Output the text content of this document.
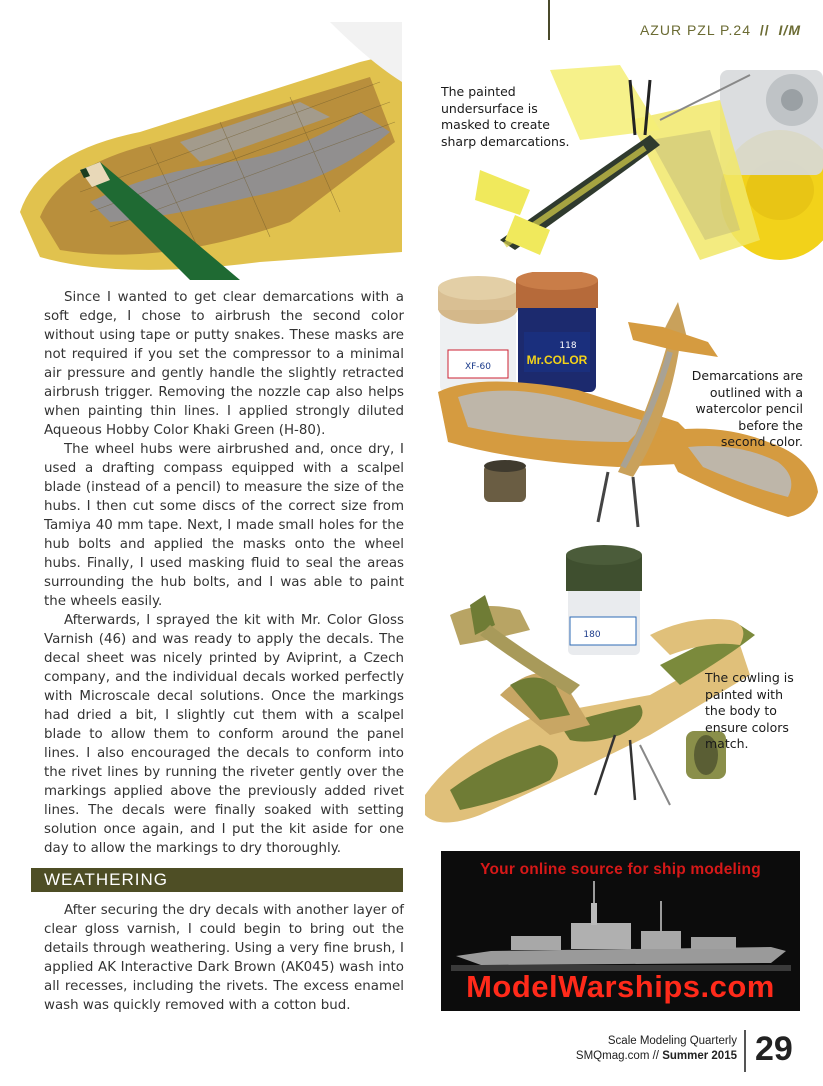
AZUR PZL P.24 // I/M
The painted undersurface is masked to create sharp demarcations.
XF-60
118
Mr.COLOR
Demarcations are outlined with a watercolor pencil before the second color.
180
The cowling is painted with the body to ensure colors match.

Since I wanted to get clear demarcations with a soft edge, I chose to airbrush the second color without using tape or putty snakes. These masks are not required if you set the compressor to a minimal air pressure and gently handle the slightly retracted airbrush trigger. Removing the nozzle cap also helps when painting thin lines. I applied strongly diluted Aqueous Hobby Color Khaki Green (H-80).

The wheel hubs were airbrushed and, once dry, I used a drafting compass equipped with a scalpel blade (instead of a pencil) to measure the size of the hubs. I then cut some discs of the correct size from Tamiya 40 mm tape. Next, I made small holes for the hub bolts and applied the masks onto the wheel hubs. Finally, I used masking fluid to seal the areas surrounding the hub bolts, and I was able to paint the wheels easily.

Afterwards, I sprayed the kit with Mr. Color Gloss Varnish (46) and was ready to apply the decals. The decal sheet was nicely printed by Aviprint, a Czech company, and the individual decals worked perfectly with Microscale decal solutions. Once the markings had dried a bit, I slightly cut them with a scalpel blade to allow them to conform around the panel lines. I also encouraged the decals to conform into the rivet lines by running the riveter gently over the markings applied above the previously added rivet lines. The decals were finally soaked with setting solution once again, and I put the kit aside for one day to allow the markings to dry thoroughly.

WEATHERING

After securing the dry decals with another layer of clear gloss varnish, I could begin to bring out the details through weathering. Using a very fine brush, I applied AK Interactive Dark Brown (AK045) wash into all recesses, including the rivets. The excess enamel wash was quickly removed with a cotton bud.

Your online source for ship modeling
ModelWarships.com
Scale Modeling Quarterly
SMQmag.com // Summer 2015 29
